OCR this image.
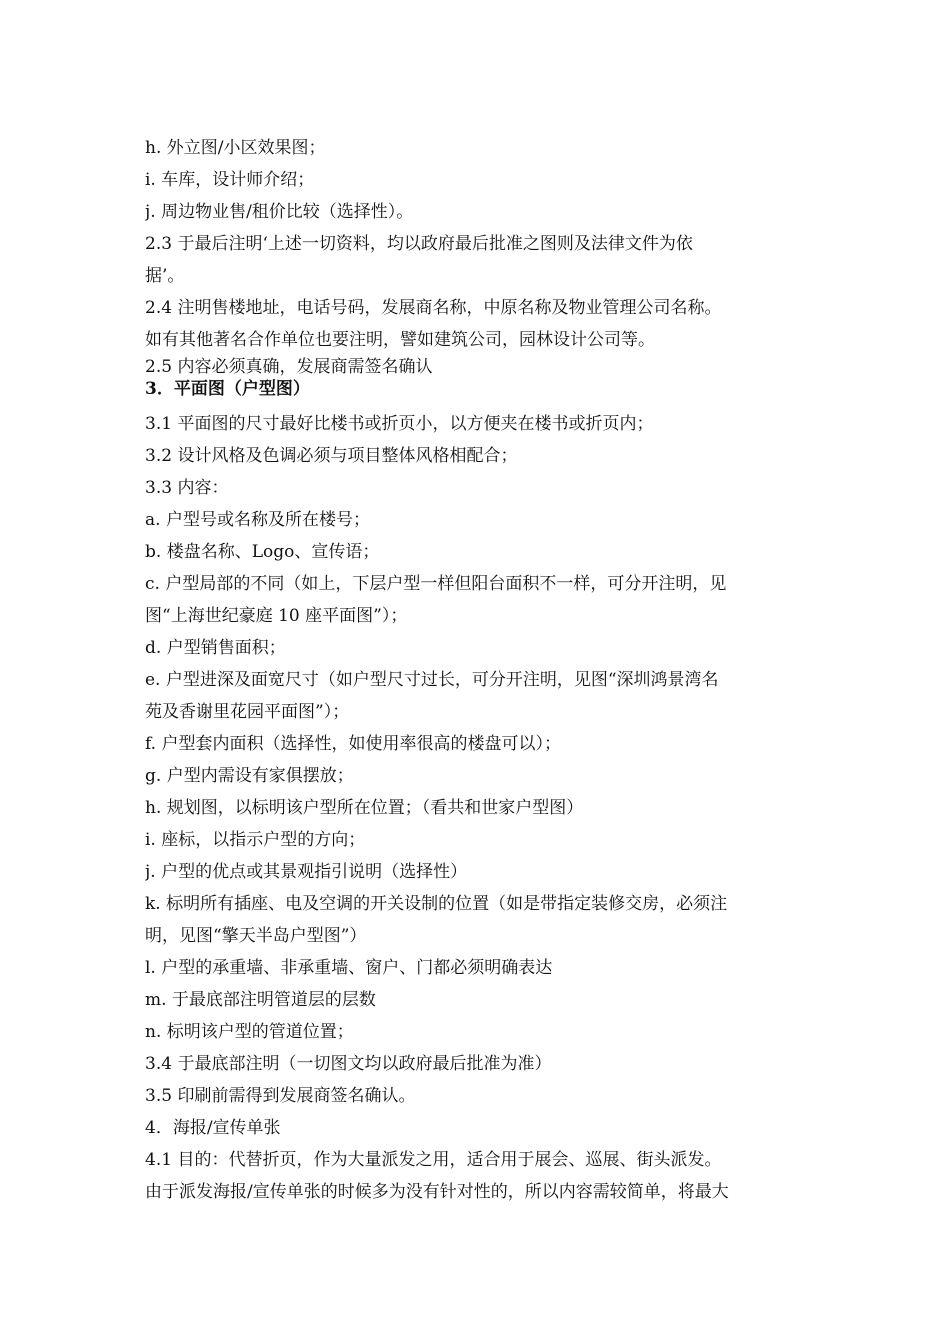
h. 外立图/小区效果图；
i. 车库，设计师介绍；
j. 周边物业售/租价比较（选择性）。
2.3 于最后注明‘上述一切资料，均以政府最后批准之图则及法律文件为依
据’。
2.4 注明售楼地址，电话号码，发展商名称，中原名称及物业管理公司名称。
如有其他著名合作单位也要注明，譬如建筑公司，园林设计公司等。
2.5 内容必须真确，发展商需签名确认
3．平面图（户型图）
3.1 平面图的尺寸最好比楼书或折页小，以方便夹在楼书或折页内；
3.2 设计风格及色调必须与项目整体风格相配合；
3.3 内容：
a. 户型号或名称及所在楼号；
b. 楼盘名称、Logo、宣传语；
c. 户型局部的不同（如上，下层户型一样但阳台面积不一样，可分开注明，见
图“上海世纪豪庭 10 座平面图”）；
d. 户型销售面积；
e. 户型进深及面宽尺寸（如户型尺寸过长，可分开注明，见图“深圳鸿景湾名
苑及香谢里花园平面图”）；
f. 户型套内面积（选择性，如使用率很高的楼盘可以）；
g. 户型内需设有家俱摆放；
h. 规划图，以标明该户型所在位置；（看共和世家户型图）
i. 座标，以指示户型的方向；
j. 户型的优点或其景观指引说明（选择性）
k. 标明所有插座、电及空调的开关设制的位置（如是带指定装修交房，必须注
明，见图“擎天半岛户型图”）
l. 户型的承重墙、非承重墙、窗户、门都必须明确表达
m. 于最底部注明管道层的层数
n. 标明该户型的管道位置；
3.4 于最底部注明（一切图文均以政府最后批准为准）
3.5 印刷前需得到发展商签名确认。
4．海报/宣传单张
4.1 目的：代替折页，作为大量派发之用，适合用于展会、巡展、街头派发。
由于派发海报/宣传单张的时候多为没有针对性的，所以内容需较简单，将最大
